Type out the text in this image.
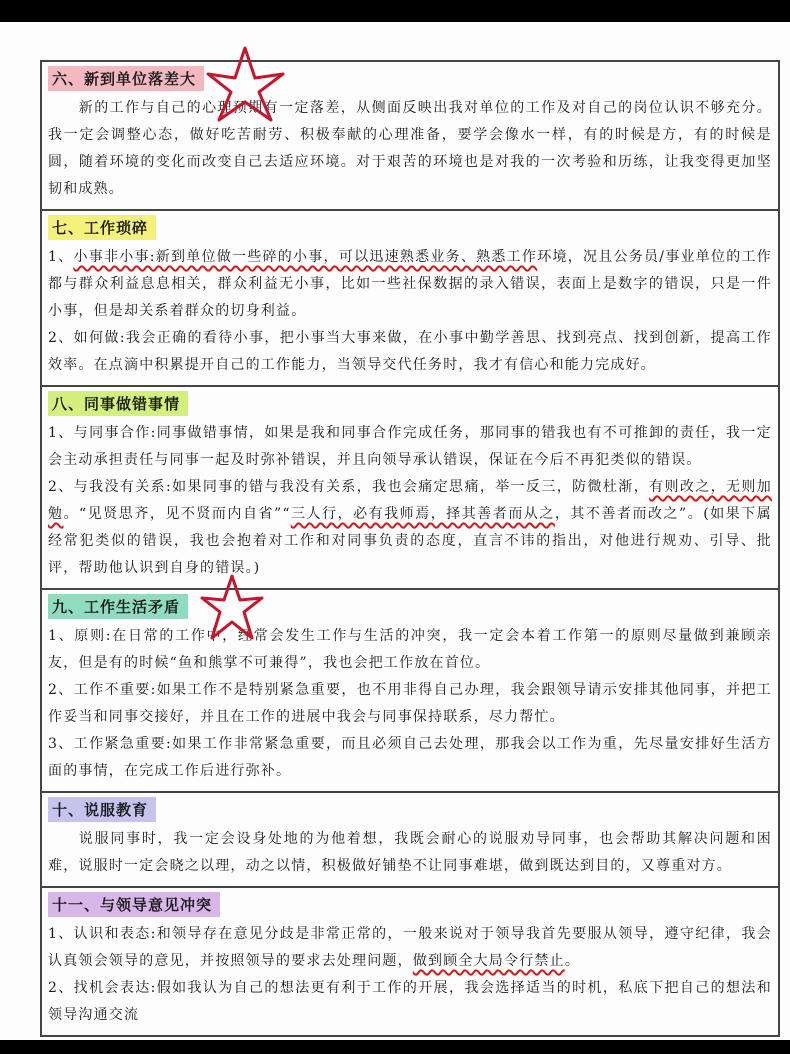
六、新到单位落差大

新的工作与自己的心理预期有一定落差，从侧面反映出我对单位的工作及对自己的岗位认识不够充分。我一定会调整心态，做好吃苦耐劳、积极奉献的心理准备，要学会像水一样，有的时候是方，有的时候是圆，随着环境的变化而改变自己去适应环境。对于艰苦的环境也是对我的一次考验和历练，让我变得更加坚韧和成熟。

七、工作琐碎

1、小事非小事:新到单位做一些碎的小事，可以迅速熟悉业务、熟悉工作环境，况且公务员/事业单位的工作都与群众利益息息相关，群众利益无小事，比如一些社保数据的录入错误，表面上是数字的错误，只是一件小事，但是却关系着群众的切身利益。

2、如何做:我会正确的看待小事，把小事当大事来做，在小事中勤学善思、找到亮点、找到创新，提高工作效率。在点滴中积累提开自己的工作能力，当领导交代任务时，我才有信心和能力完成好。

八、同事做错事情

1、与同事合作:同事做错事情，如果是我和同事合作完成任务，那同事的错我也有不可推卸的责任，我一定会主动承担责任与同事一起及时弥补错误，并且向领导承认错误，保证在今后不再犯类似的错误。

2、与我没有关系:如果同事的错与我没有关系，我也会痛定思痛，举一反三，防微杜渐，有则改之，无则加勉。“见贤思齐，见不贤而内自省”“三人行，必有我师焉，择其善者而从之，其不善者而改之”。(如果下属经常犯类似的错误，我也会抱着对工作和对同事负责的态度，直言不讳的指出，对他进行规劝、引导、批评，帮助他认识到自身的错误。)

九、工作生活矛盾

1、原则:在日常的工作中，经常会发生工作与生活的冲突，我一定会本着工作第一的原则尽量做到兼顾亲友，但是有的时候“鱼和熊掌不可兼得”，我也会把工作放在首位。

2、工作不重要:如果工作不是特别紧急重要，也不用非得自己办理，我会跟领导请示安排其他同事，并把工作妥当和同事交接好，并且在工作的进展中我会与同事保持联系，尽力帮忙。

3、工作紧急重要:如果工作非常紧急重要，而且必须自己去处理，那我会以工作为重，先尽量安排好生活方面的事情，在完成工作后进行弥补。

十、说服教育

说服同事时，我一定会设身处地的为他着想，我既会耐心的说服劝导同事，也会帮助其解决问题和困难，说服时一定会晓之以理，动之以情，积极做好铺垫不让同事难堪，做到既达到目的，又尊重对方。

十一、与领导意见冲突

1、认识和表态:和领导存在意见分歧是非常正常的，一般来说对于领导我首先要服从领导，遵守纪律，我会认真领会领导的意见，并按照领导的要求去处理问题，做到顾全大局令行禁止。

2、找机会表达:假如我认为自己的想法更有利于工作的开展，我会选择适当的时机，私底下把自己的想法和领导沟通交流
